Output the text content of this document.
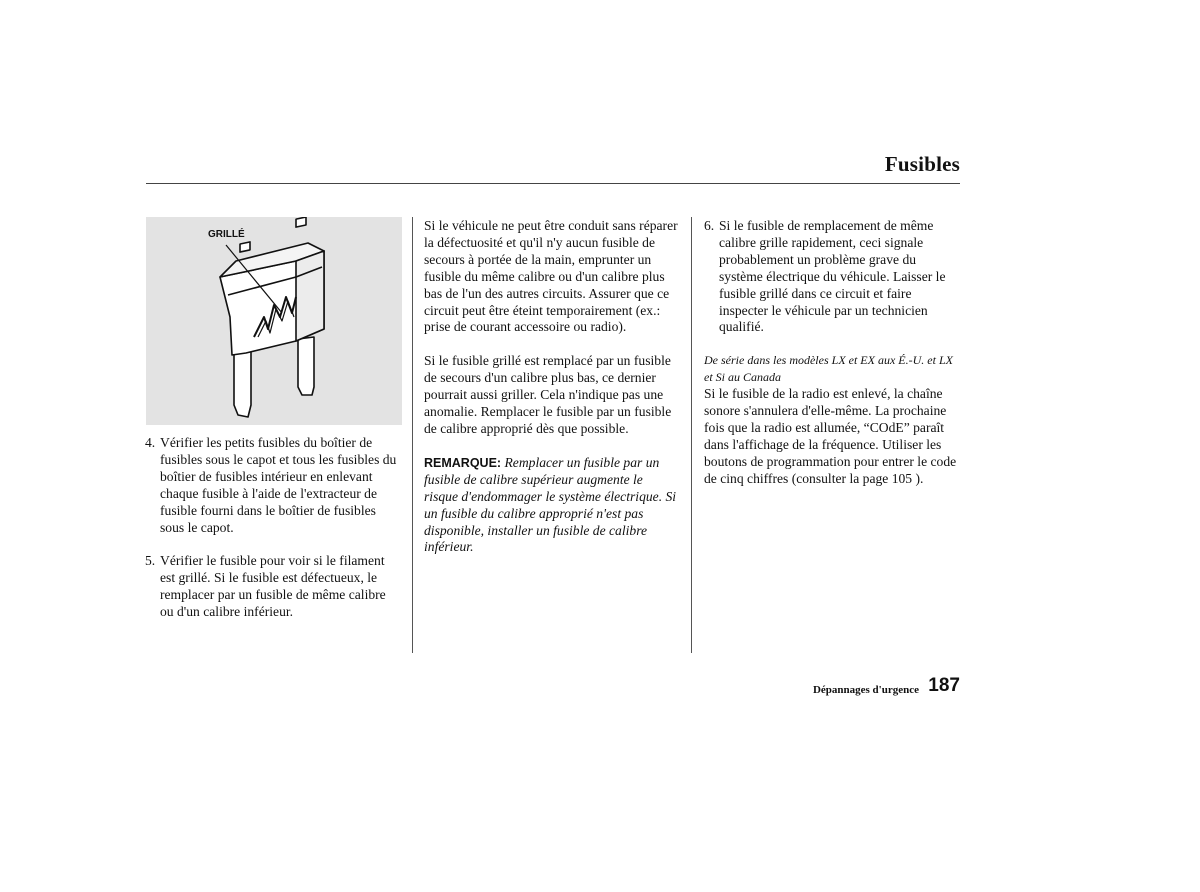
Fusibles
GRILLÉ
4. Vérifier les petits fusibles du boîtier de fusibles sous le capot et tous les fusibles du boîtier de fusibles intérieur en enlevant chaque fusible à l'aide de l'extracteur de fusible fourni dans le boîtier de fusibles sous le capot.

5. Vérifier le fusible pour voir si le filament est grillé. Si le fusible est défectueux, le remplacer par un fusible de même calibre ou d'un calibre inférieur.

Si le véhicule ne peut être conduit sans réparer la défectuosité et qu'il n'y aucun fusible de secours à portée de la main, emprunter un fusible du même calibre ou d'un calibre plus bas de l'un des autres circuits. Assurer que ce circuit peut être éteint temporairement (ex.: prise de courant accessoire ou radio).

Si le fusible grillé est remplacé par un fusible de secours d'un calibre plus bas, ce dernier pourrait aussi griller. Cela n'indique pas une anomalie. Remplacer le fusible par un fusible de calibre approprié dès que possible.

REMARQUE: Remplacer un fusible par un fusible de calibre supérieur augmente le risque d'endommager le système électrique. Si un fusible du calibre approprié n'est pas disponible, installer un fusible de calibre inférieur.

6. Si le fusible de remplacement de même calibre grille rapidement, ceci signale probablement un problème grave du système électrique du véhicule. Laisser le fusible grillé dans ce circuit et faire inspecter le véhicule par un technicien qualifié.

De série dans les modèles LX et EX aux É.-U. et LX et Si au Canada

Si le fusible de la radio est enlevé, la chaîne sonore s'annulera d'elle-même. La prochaine fois que la radio est allumée, “COdE” paraît dans l'affichage de la fréquence. Utiliser les boutons de programmation pour entrer le code de cinq chiffres (consulter la page 105 ).

Dépannages d'urgence 187
